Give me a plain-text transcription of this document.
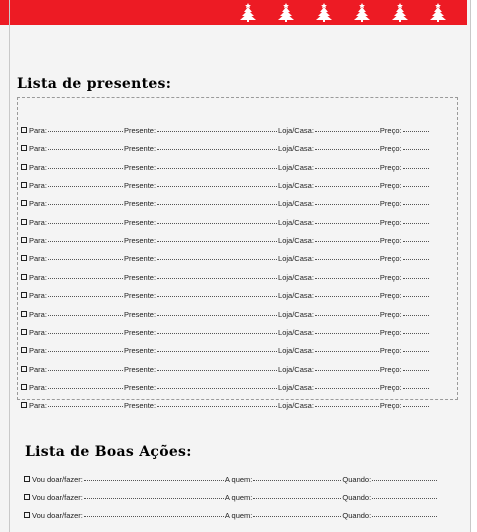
Lista de presentes:
Para:	Presente:	Loja/Casa:	Preço:
Para:	Presente:	Loja/Casa:	Preço:
Para:	Presente:	Loja/Casa:	Preço:
Para:	Presente:	Loja/Casa:	Preço:
Para:	Presente:	Loja/Casa:	Preço:
Para:	Presente:	Loja/Casa:	Preço:
Para:	Presente:	Loja/Casa:	Preço:
Para:	Presente:	Loja/Casa:	Preço:
Para:	Presente:	Loja/Casa:	Preço:
Para:	Presente:	Loja/Casa:	Preço:
Para:	Presente:	Loja/Casa:	Preço:
Para:	Presente:	Loja/Casa:	Preço:
Para:	Presente:	Loja/Casa:	Preço:
Para:	Presente:	Loja/Casa:	Preço:
Para:	Presente:	Loja/Casa:	Preço:
Para:	Presente:	Loja/Casa:	Preço:
Lista de Boas Ações:
Vou doar/fazer:	A quem:	Quando:
Vou doar/fazer:	A quem:	Quando:
Vou doar/fazer:	A quem:	Quando:
